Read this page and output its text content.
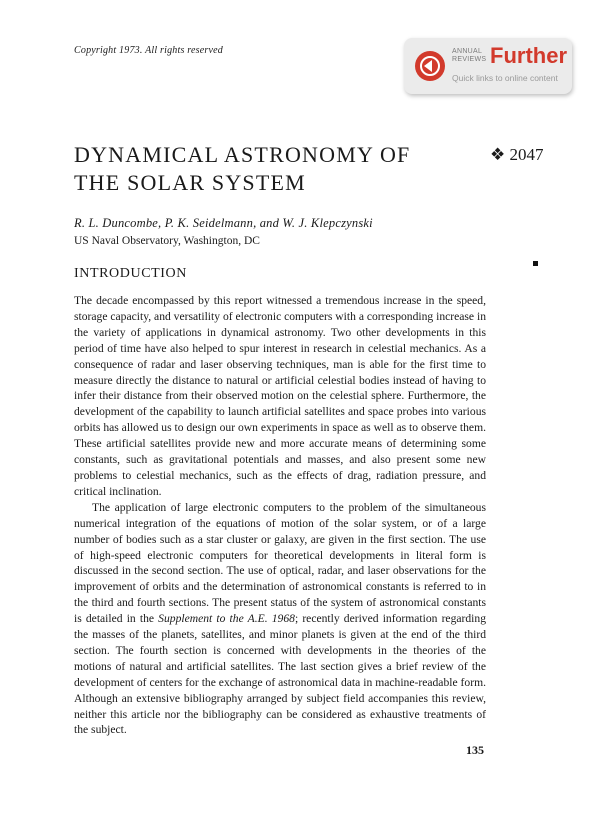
Copyright 1973. All rights reserved	ANNUAL
REVIEWS Further
Quick links to online content
DYNAMICAL ASTRONOMY OF
THE SOLAR SYSTEM
❖ 2047
R. L. Duncombe, P. K. Seidelmann, and W. J. Klepczynski
US Naval Observatory, Washington, DC
INTRODUCTION

The decade encompassed by this report witnessed a tremendous increase in the speed, storage capacity, and versatility of electronic computers with a corresponding increase in the variety of applications in dynamical astronomy. Two other developments in this period of time have also helped to spur interest in research in celestial mechanics. As a consequence of radar and laser observing techniques, man is able for the first time to measure directly the distance to natural or artificial celestial bodies instead of having to infer their distance from their observed motion on the celestial sphere. Furthermore, the development of the capability to launch artificial satellites and space probes into various orbits has allowed us to design our own experiments in space as well as to observe them. These artificial satellites provide new and more accurate means of determining some constants, such as gravitational potentials and masses, and also present some new problems to celestial mechanics, such as the effects of drag, radiation pressure, and critical inclination.

The application of large electronic computers to the problem of the simultaneous numerical integration of the equations of motion of the solar system, or of a large number of bodies such as a star cluster or galaxy, are given in the first section. The use of high-speed electronic computers for theoretical developments in literal form is discussed in the second section. The use of optical, radar, and laser observations for the improvement of orbits and the determination of astronomical constants is referred to in the third and fourth sections. The present status of the system of astronomical constants is detailed in the Supplement to the A.E. 1968; recently derived information regarding the masses of the planets, satellites, and minor planets is given at the end of the third section. The fourth section is concerned with developments in the theories of the motions of natural and artificial satellites. The last section gives a brief review of the development of centers for the exchange of astronomical data in machine-readable form. Although an extensive bibliography arranged by subject field accompanies this review, neither this article nor the bibliography can be considered as exhaustive treatments of the subject.

135
